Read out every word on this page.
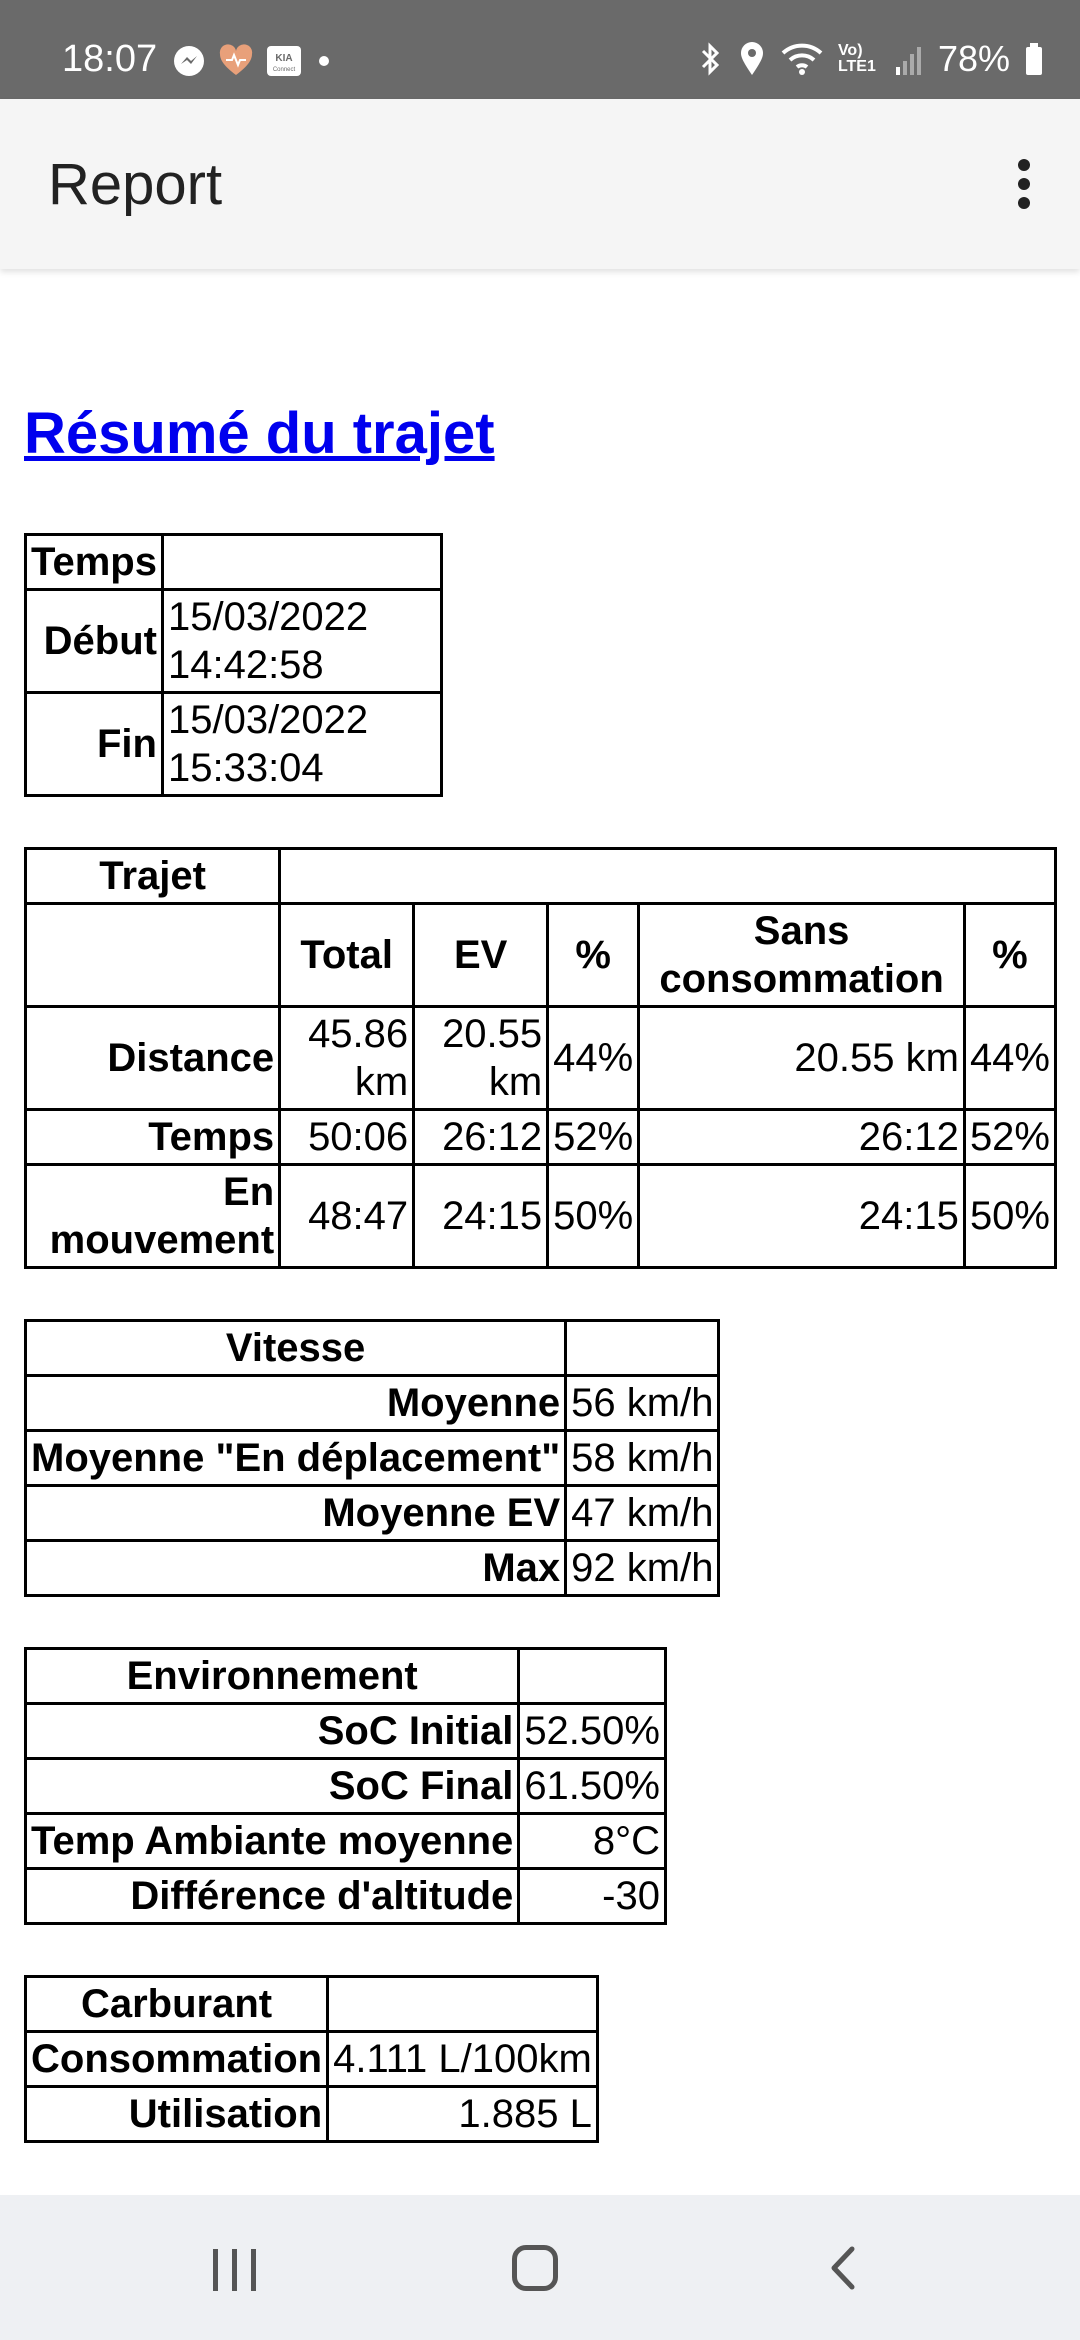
18:07	KIA
Connect
Vo) LTE1 78%
Report
Résumé du trajet
Temps	
Début	15/03/2022 14:42:58
Fin	15/03/2022 15:33:04
Trajet					
	Total	EV	%	Sans consommation	%
Distance	45.86 km	20.55 km	44%	20.55 km	44%
Temps	50:06	26:12	52%	26:12	52%
En mouvement	48:47	24:15	50%	24:15	50%
Vitesse	
Moyenne	56 km/h
Moyenne "En déplacement"	58 km/h
Moyenne EV	47 km/h
Max	92 km/h
Environnement	
SoC Initial	52.50%
SoC Final	61.50%
Temp Ambiante moyenne	8°C
Différence d'altitude	-30
Carburant	
Consommation	4.111 L/100km
Utilisation	1.885 L
